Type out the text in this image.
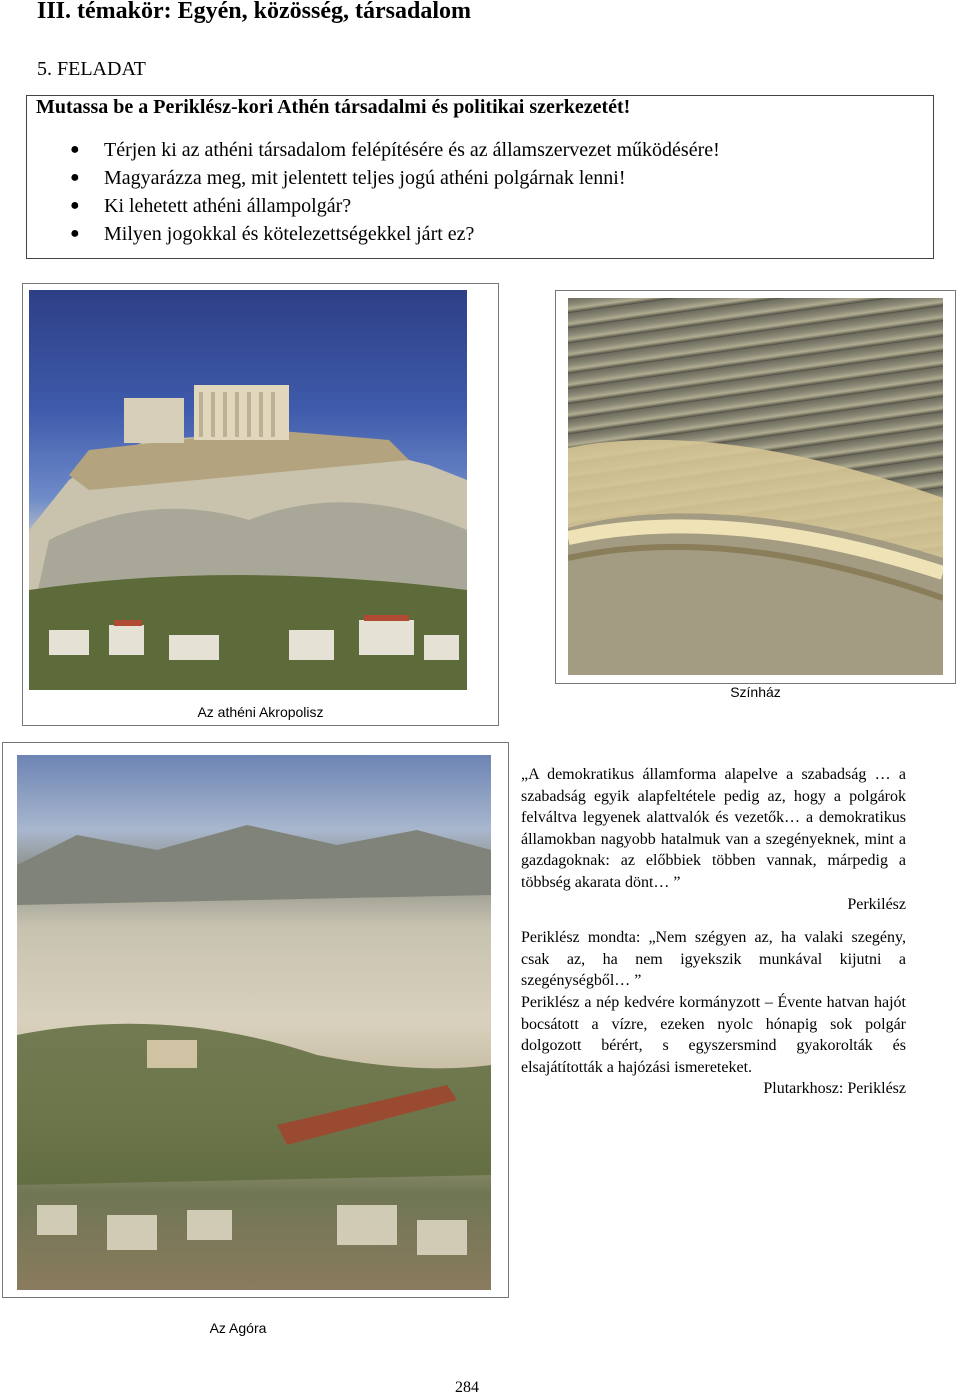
III. témakör: Egyén, közösség, társadalom
5. FELADAT
Mutassa be a Periklész-kori Athén társadalmi és politikai szerkezetét!
● Térjen ki az athéni társadalom felépítésére és az államszervezet működésére!
● Magyarázza meg, mit jelentett teljes jogú athéni polgárnak lenni!
● Ki lehetett athéni állampolgár?
● Milyen jogokkal és kötelezettségekkel járt ez?
Az athéni Akropolisz
Színház
Az Agóra

„A demokratikus államforma alapelve a szabadság … a szabadság egyik alapfeltétele pedig az, hogy a polgárok felváltva legyenek alattvalók és vezetők… a demokratikus államokban nagyobb hatalmuk van a szegényeknek, mint a gazdagoknak: az előbbiek többen vannak, márpedig a többség akarata dönt… ”

Perkilész

Periklész mondta: „Nem szégyen az, ha valaki szegény, csak az, ha nem igyekszik munkával kijutni a szegénységből… ”

Periklész a nép kedvére kormányzott – Évente hatvan hajót bocsátott a vízre, ezeken nyolc hónapig sok polgár dolgozott bérért, s egyszersmind gyakorolták és elsajátították a hajózási ismereteket.

Plutarkhosz: Periklész

284
